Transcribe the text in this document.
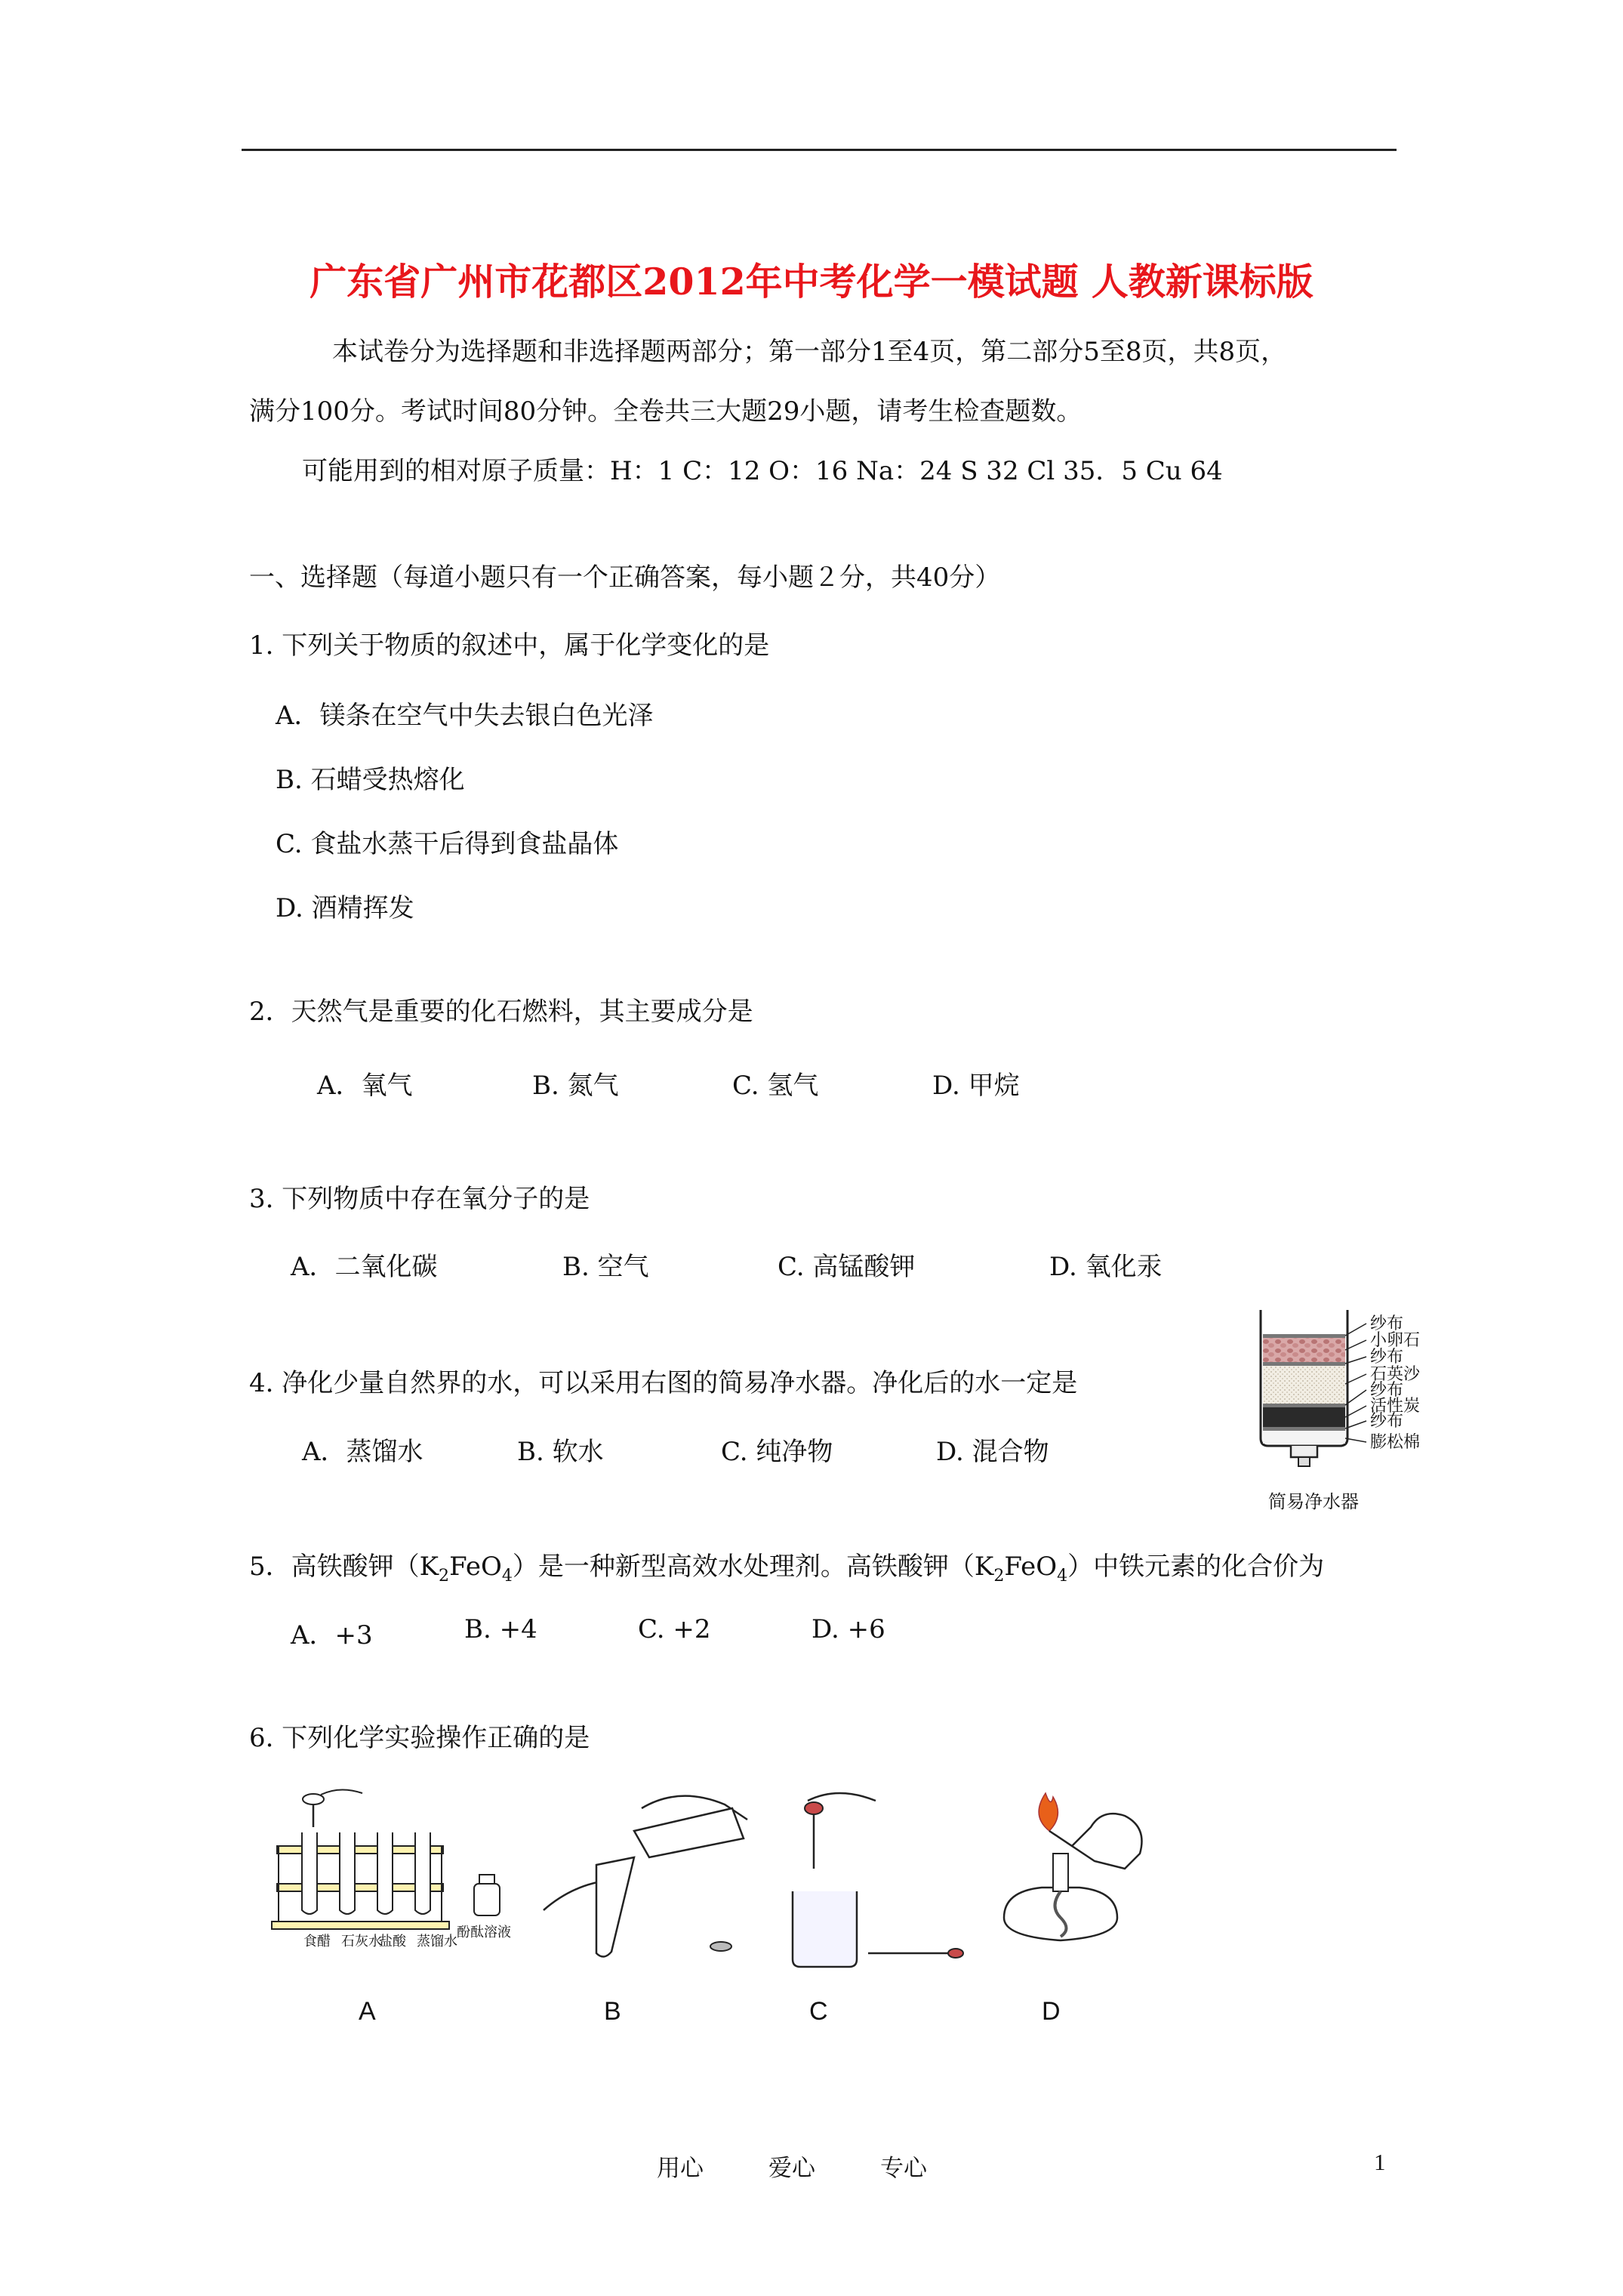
广东省广州市花都区2012年中考化学一模试题 人教新课标版
本试卷分为选择题和非选择题两部分；第一部分1至4页，第二部分5至8页，共8页，
满分100分。考试时间80分钟。全卷共三大题29小题，请考生检查题数。
可能用到的相对原子质量：H：1 C：12 O：16 Na：24 S 32 Cl 35．5 Cu 64
一、选择题（每道小题只有一个正确答案，每小题２分，共40分）
1. 下列关于物质的叙述中，属于化学变化的是
A．镁条在空气中失去银白色光泽
B. 石蜡受热熔化
C. 食盐水蒸干后得到食盐晶体
D. 酒精挥发
2．天然气是重要的化石燃料，其主要成分是
A．氧气	B. 氮气	C. 氢气	D. 甲烷
3. 下列物质中存在氧分子的是
A．二氧化碳	B. 空气	C. 高锰酸钾	D. 氧化汞
4. 净化少量自然界的水，可以采用右图的简易净水器。净化后的水一定是
A．蒸馏水	B. 软水	C. 纯净物	D. 混合物
纱布
小卵石
纱布
石英沙
纱布
活性炭
纱布
膨松棉
简易净水器
5．高铁酸钾$(K_2FeO_4)$是一种新型高效水处理剂。高铁酸钾$(K_2FeO_4)$中铁元素的化合价为
A．+3	B. +4	C. +2	D. +6
6. 下列化学实验操作正确的是
食醋 石灰水
盐酸 蒸馏水
酚酞溶液
A	B	C	D
用心	爱心	专心	1
